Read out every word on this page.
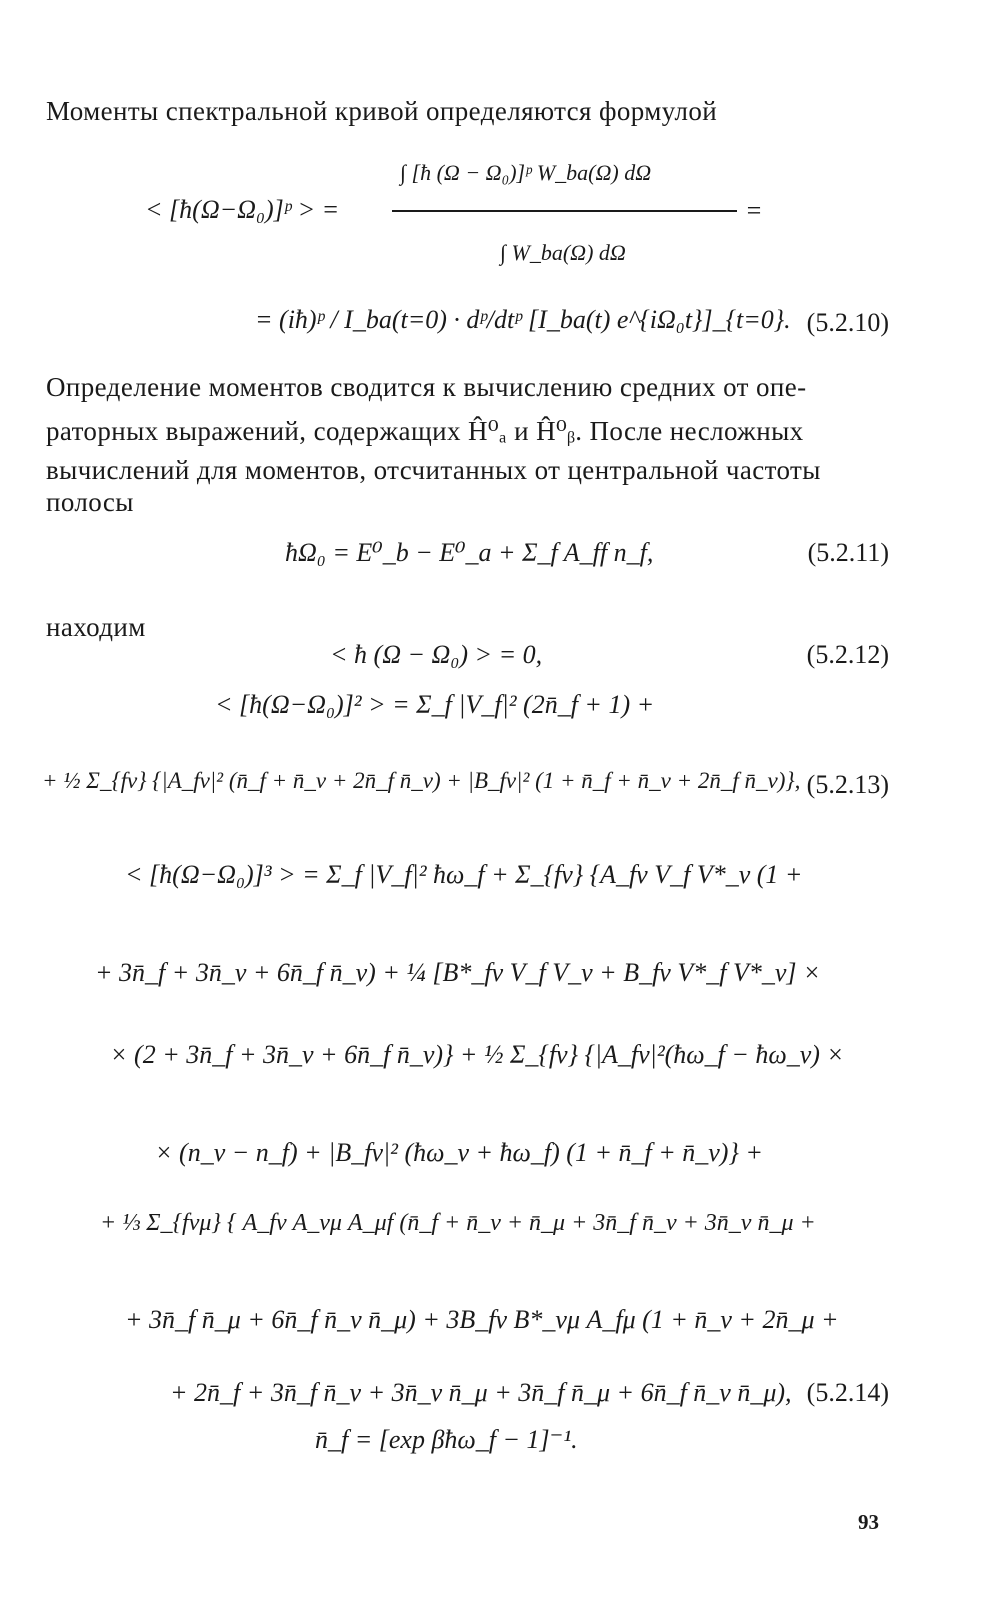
Моменты спектральной кривой определяются формулой
< [ħ(Ω−Ω₀)]ᵖ > =
∫ [ħ (Ω − Ω₀)]ᵖ W_ba(Ω) dΩ
∫ W_ba(Ω) dΩ
=
= (iħ)ᵖ / I_ba(t=0) · dᵖ/dtᵖ [I_ba(t) e^{iΩ₀t}]_{t=0}. (5.2.10)
Определение моментов сводится к вычислению средних от опе-
раторных выражений, содержащих Ĥ⁰ₐ и Ĥ⁰ᵦ. После несложных
вычислений для моментов, отсчитанных от центральной частоты
полосы
ħΩ₀ = E⁰_b − E⁰_a + Σ_f A_ff n_f,	(5.2.11)
находим
< ħ (Ω − Ω₀) > = 0,	(5.2.12)
< [ħ(Ω−Ω₀)]² > = Σ_f |V_f|² (2n̄_f + 1) +
+ ½ Σ_{fν} {|A_fν|² (n̄_f + n̄_ν + 2n̄_f n̄_ν) + |B_fν|² (1 + n̄_f + n̄_ν + 2n̄_f n̄_ν)}, (5.2.13)
< [ħ(Ω−Ω₀)]³ > = Σ_f |V_f|² ħω_f + Σ_{fν} {A_fν V_f V*_ν (1 +
+ 3n̄_f + 3n̄_ν + 6n̄_f n̄_ν) + ¼ [B*_fν V_f V_ν + B_fν V*_f V*_ν] ×
× (2 + 3n̄_f + 3n̄_ν + 6n̄_f n̄_ν)} + ½ Σ_{fν} {|A_fν|²(ħω_f − ħω_ν) ×
× (n_ν − n_f) + |B_fν|² (ħω_ν + ħω_f) (1 + n̄_f + n̄_ν)} +
+ ⅓ Σ_{fνμ} { A_fν A_νμ A_μf (n̄_f + n̄_ν + n̄_μ + 3n̄_f n̄_ν + 3n̄_ν n̄_μ +
+ 3n̄_f n̄_μ + 6n̄_f n̄_ν n̄_μ) + 3B_fν B*_νμ A_fμ (1 + n̄_ν + 2n̄_μ +
+ 2n̄_f + 3n̄_f n̄_ν + 3n̄_ν n̄_μ + 3n̄_f n̄_μ + 6n̄_f n̄_ν n̄_μ), (5.2.14)
n̄_f = [exp βħω_f − 1]⁻¹.
93
